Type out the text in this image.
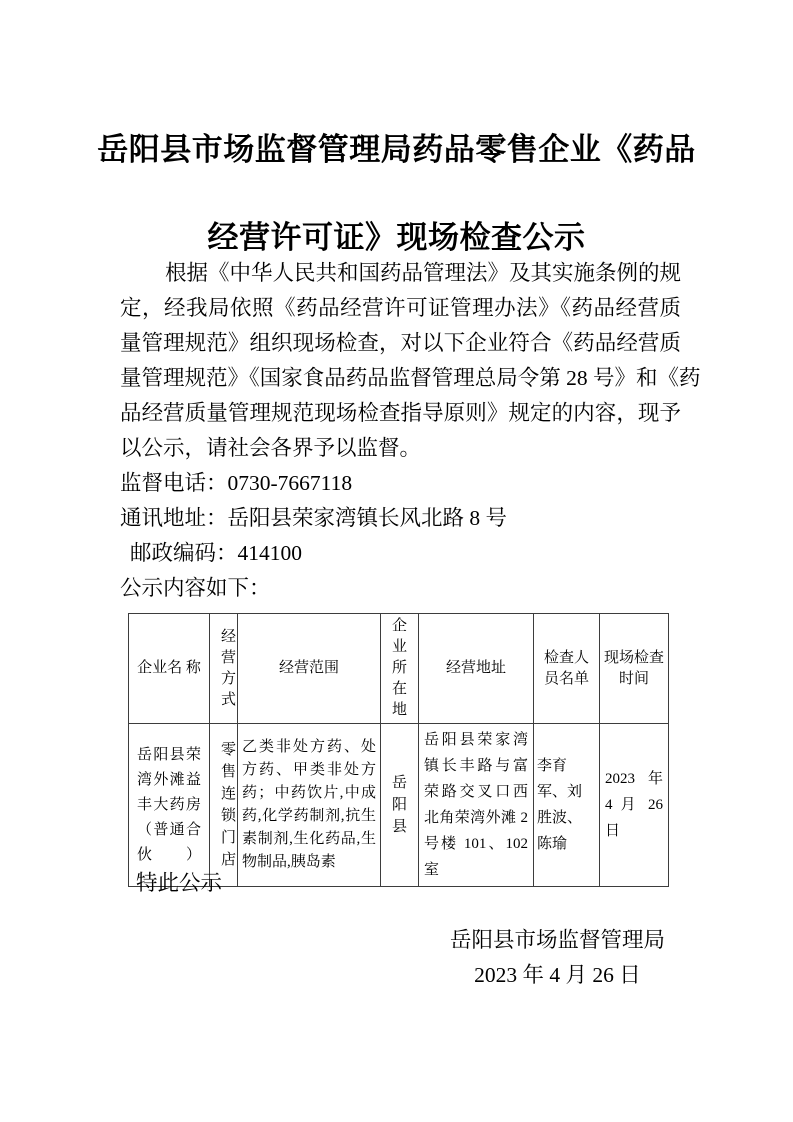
岳阳县市场监督管理局药品零售企业《药品
经营许可证》现场检查公示
根据《中华人民共和国药品管理法》及其实施条例的规
定，经我局依照《药品经营许可证管理办法》《药品经营质
量管理规范》组织现场检查，对以下企业符合《药品经营质
量管理规范》《国家食品药品监督管理总局令第 28 号》和《药
品经营质量管理规范现场检查指导原则》规定的内容，现予
以公示，请社会各界予以监督。
监督电话：0730-7667118
通讯地址：岳阳县荣家湾镇长风北路 8 号
邮政编码：414100
公示内容如下：
企业名 称	经营方式	经营范围	企业所在地	经营地址	检查人员名单	现场检查时间
岳阳县荣湾外滩益丰大药房（普通合伙）	零售连锁门店	乙类非处方药、处方药、甲类非处方药；中药饮片,中成药,化学药制剂,抗生素制剂,生化药品,生物制品,胰岛素	岳阳县	岳阳县荣家湾镇长丰路与富荣路交叉口西北角荣湾外滩 2 号楼 101、102 室	李育军、刘胜波、陈瑜	2023 年 4 月 26 日
特此公示
岳阳县市场监督管理局
2023 年 4 月 26 日
